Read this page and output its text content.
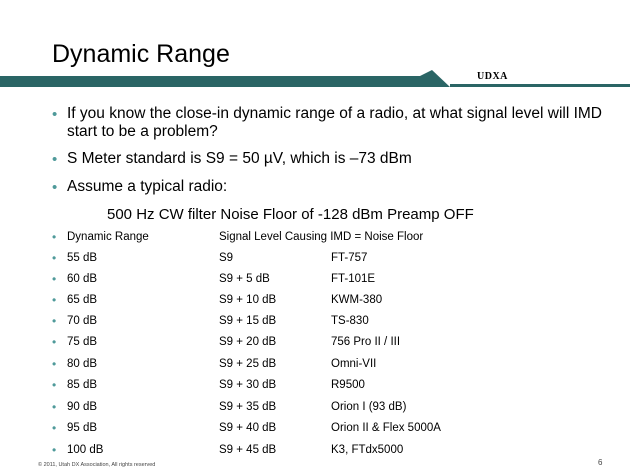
Dynamic Range
UDXA
• If you know the close-in dynamic range of a radio, at what signal level will IMD start to be a problem?
• S Meter standard is S9 = 50 µV, which is –73 dBm
• Assume a typical radio:
500 Hz CW filter Noise Floor of -128 dBm Preamp OFF
• Dynamic Range	Signal Level Causing IMD = Noise Floor
• 55 dB	S9	FT-757
• 60 dB	S9 + 5 dB	FT-101E
• 65 dB	S9 + 10 dB	KWM-380
• 70 dB	S9 + 15 dB	TS-830
• 75 dB	S9 + 20 dB	756 Pro II / III
• 80 dB	S9 + 25 dB	Omni-VII
• 85 dB	S9 + 30 dB	R9500
• 90 dB	S9 + 35 dB	Orion I (93 dB)
• 95 dB	S9 + 40 dB	Orion II & Flex 5000A
• 100 dB	S9 + 45 dB	K3, FTdx5000
© 2011, Utah DX Association, All rights reserved	6
